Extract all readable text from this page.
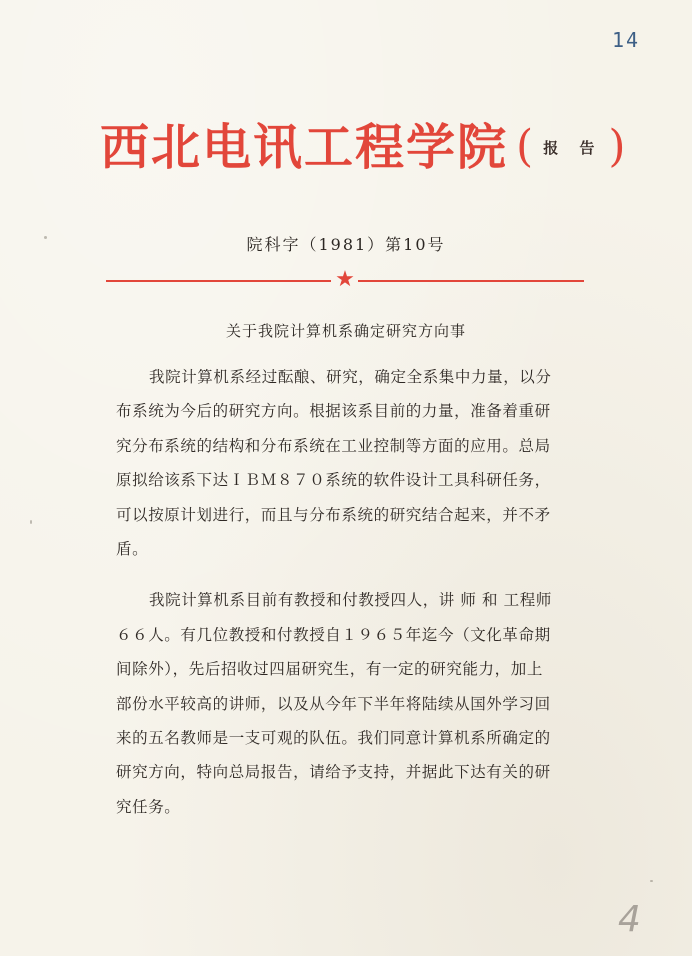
14
西北电讯工程学院 ( 报 告 )
院科字（1981）第10号
★
关于我院计算机系确定研究方向事
我院计算机系经过酝酿、研究，确定全系集中力量，以分
布系统为今后的研究方向。根据该系目前的力量，准备着重研
究分布系统的结构和分布系统在工业控制等方面的应用。总局
原拟给该系下达ＩＢＭ８７０系统的软件设计工具科研任务，
可以按原计划进行，而且与分布系统的研究结合起来，并不矛
盾。
我院计算机系目前有教授和付教授四人，讲 师 和 工程师
６６人。有几位教授和付教授自１９６５年迄今（文化革命期
间除外），先后招收过四届研究生，有一定的研究能力，加上
部份水平较高的讲师，以及从今年下半年将陆续从国外学习回
来的五名教师是一支可观的队伍。我们同意计算机系所确定的
研究方向，特向总局报告，请给予支持，并据此下达有关的研
究任务。
4
